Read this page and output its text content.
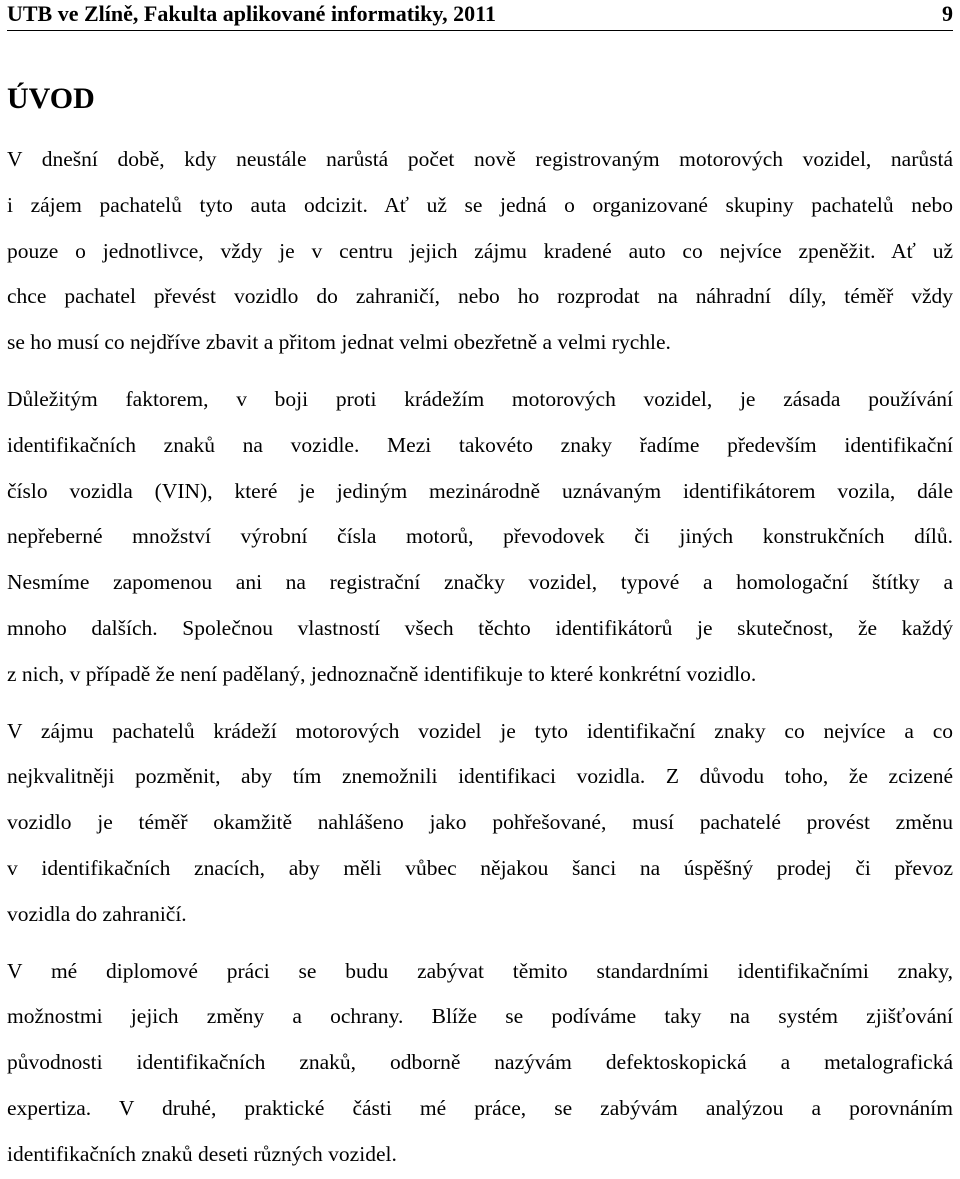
UTB ve Zlíně, Fakulta aplikované informatiky, 2011	9
ÚVOD

V dnešní době, kdy neustále narůstá počet nově registrovaným motorových vozidel, narůstá
i zájem pachatelů tyto auta odcizit. Ať už se jedná o organizované skupiny pachatelů nebo
pouze o jednotlivce, vždy je v centru jejich zájmu kradené auto co nejvíce zpeněžit. Ať už
chce pachatel převést vozidlo do zahraničí, nebo ho rozprodat na náhradní díly, téměř vždy
se ho musí co nejdříve zbavit a přitom jednat velmi obezřetně a velmi rychle.

Důležitým faktorem, v boji proti krádežím motorových vozidel, je zásada používání
identifikačních znaků na vozidle. Mezi takovéto znaky řadíme především identifikační
číslo vozidla (VIN), které je jediným mezinárodně uznávaným identifikátorem vozila, dále
nepřeberné množství výrobní čísla motorů, převodovek či jiných konstrukčních dílů.
Nesmíme zapomenou ani na registrační značky vozidel, typové a homologační štítky a
mnoho dalších. Společnou vlastností všech těchto identifikátorů je skutečnost, že každý
z nich, v případě že není padělaný, jednoznačně identifikuje to které konkrétní vozidlo.

V zájmu pachatelů krádeží motorových vozidel je tyto identifikační znaky co nejvíce a co
nejkvalitněji pozměnit, aby tím znemožnili identifikaci vozidla. Z důvodu toho, že zcizené
vozidlo je téměř okamžitě nahlášeno jako pohřešované, musí pachatelé provést změnu
v identifikačních znacích, aby měli vůbec nějakou šanci na úspěšný prodej či převoz
vozidla do zahraničí.

V mé diplomové práci se budu zabývat těmito standardními identifikačními znaky,
možnostmi jejich změny a ochrany. Blíže se podíváme taky na systém zjišťování
původnosti identifikačních znaků, odborně nazývám defektoskopická a metalografická
expertiza. V druhé, praktické části mé práce, se zabývám analýzou a porovnáním
identifikačních znaků deseti různých vozidel.
